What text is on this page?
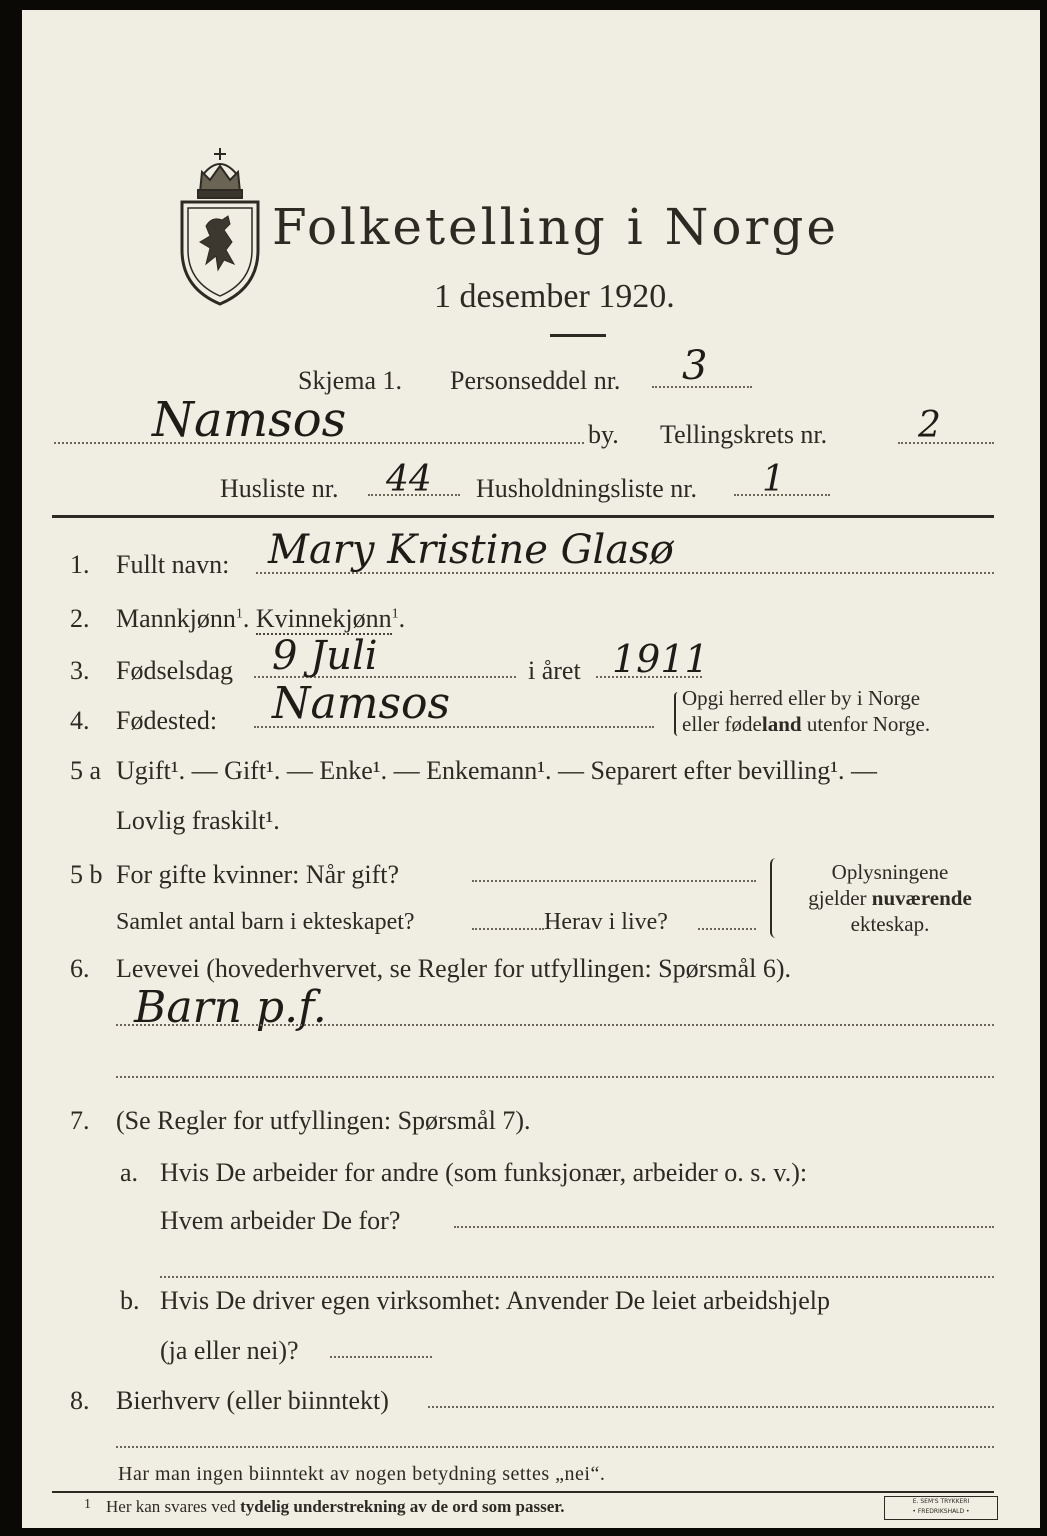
Folketelling i Norge
1 desember 1920.
Skjema 1. Personseddel nr. 3
Namsos	by. Tellingskrets nr.	2
Husliste nr. 44 Husholdningsliste nr. 1
1. Fullt navn: Mary Kristine Glasø
2. Mannkjønn$^1$. Kvinnekjønn$^1$.
3. Fødselsdag 9 Juli	i året 1911
4. Fødested: Namsos	Opgi herred eller by i Norge
eller fødeland utenfor Norge.
5 a Ugift¹. — Gift¹. — Enke¹. — Enkemann¹. — Separert efter bevilling¹. —
Lovlig fraskilt¹.
5 b For gifte kvinner: Når gift?
Samlet antal barn i ekteskapet?	Herav i live?
Oplysningene
gjelder nuværende
ekteskap.
6. Levevei (hovederhvervet, se Regler for utfyllingen: Spørsmål 6).
Barn p.f.
7. (Se Regler for utfyllingen: Spørsmål 7).
a. Hvis De arbeider for andre (som funksjonær, arbeider o. s. v.):
Hvem arbeider De for?
b. Hvis De driver egen virksomhet: Anvender De leiet arbeidshjelp
(ja eller nei)?
8. Bierhverv (eller biinntekt)
Har man ingen biinntekt av nogen betydning settes „nei“.
1 Her kan svares ved tydelig understrekning av de ord som passer.	E. SEM'S TRYKKERI
• FREDRIKSHALD •
